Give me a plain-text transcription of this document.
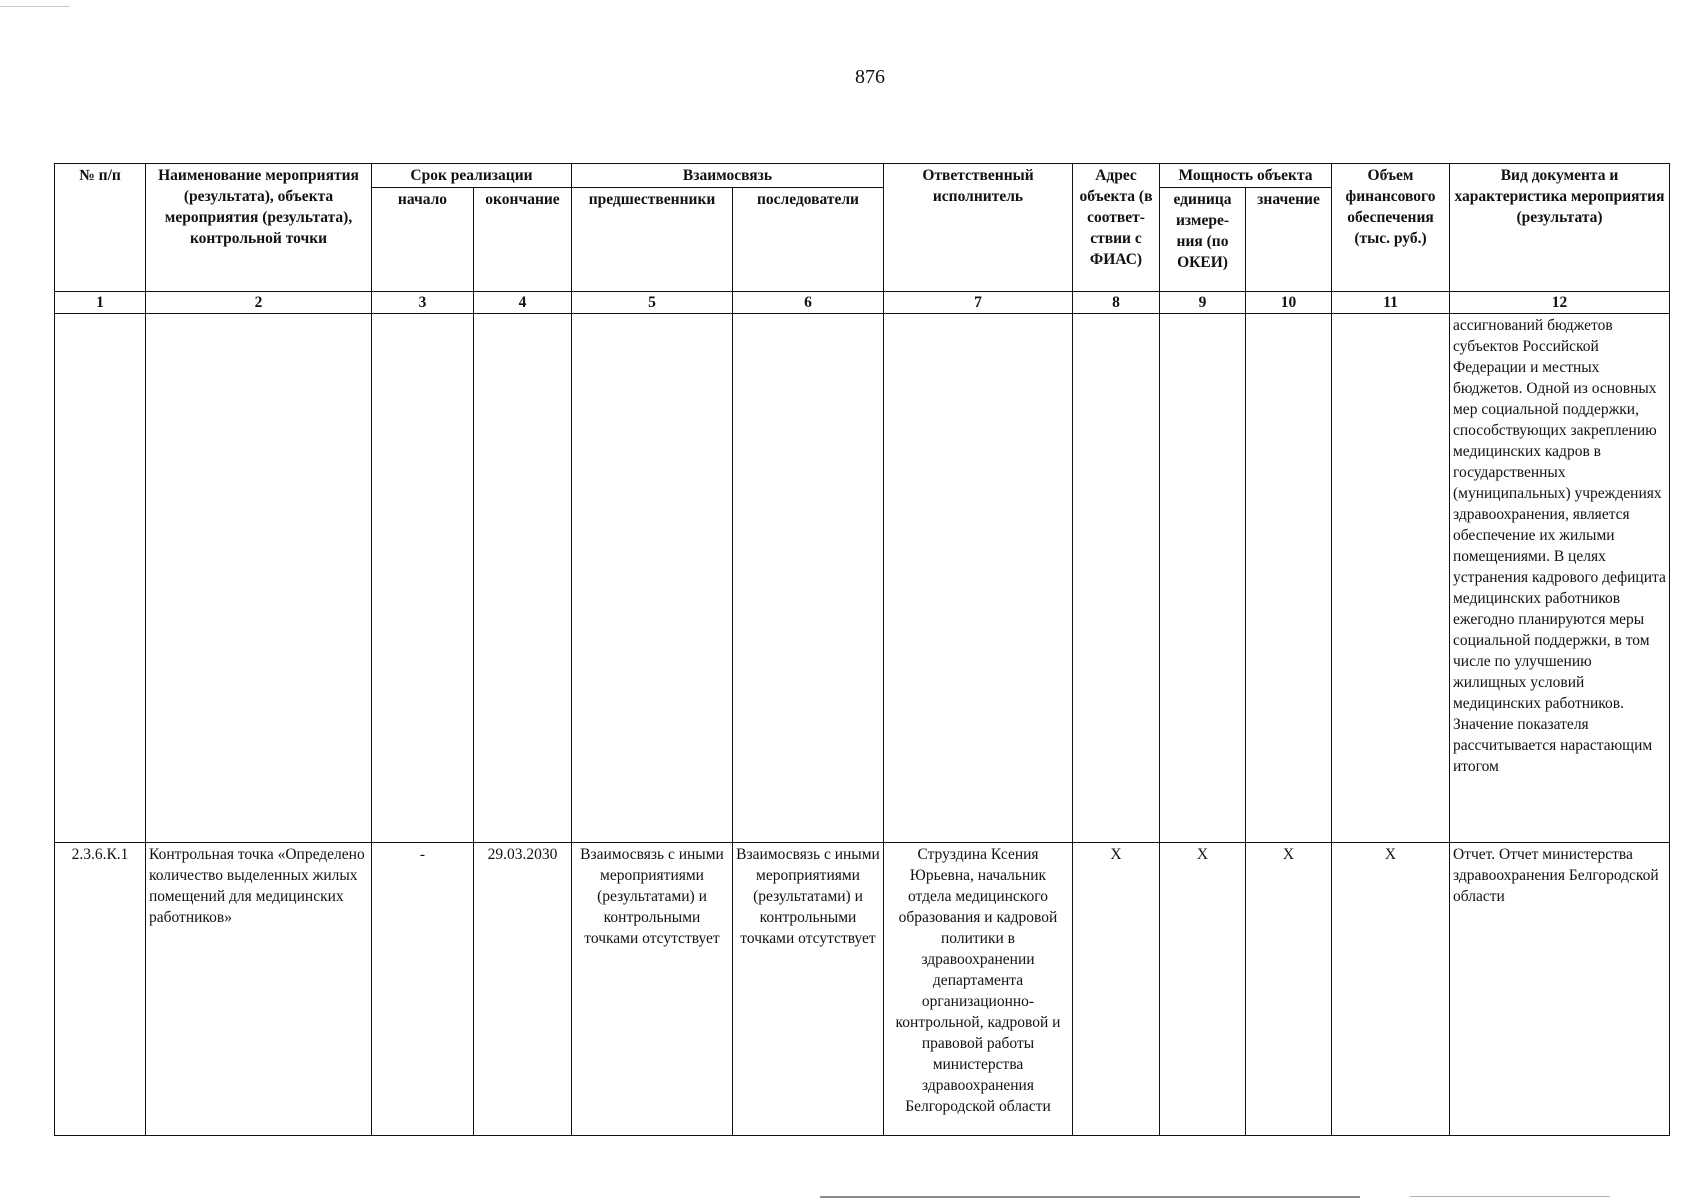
876
№ п/п	Наименование мероприятия (результата), объекта мероприятия (результата), контрольной точки	Срок реализации		Взаимосвязь		Ответственный исполнитель	Адрес объекта (в соответ-ствии с ФИАС)	Мощность объекта		Объем финансового обеспечения (тыс. руб.)	Вид документа и характеристика мероприятия (результата)
		начало	окончание	предшественники	последователи			единица измере-ния (по ОКЕИ)	значение		
1	2	3	4	5	6	7	8	9	10	11	12
											ассигнований бюджетов субъектов Российской Федерации и местных бюджетов. Одной из основных мер социальной поддержки, способствующих закреплению медицинских кадров в государственных (муниципальных) учреждениях здравоохранения, является обеспечение их жилыми помещениями. В целях устранения кадрового дефицита медицинских работников ежегодно планируются меры социальной поддержки, в том числе по улучшению жилищных условий медицинских работников. Значение показателя рассчитывается нарастающим итогом
2.3.6.К.1	Контрольная точка «Определено количество выделенных жилых помещений для медицинских работников»	-	29.03.2030	Взаимосвязь с иными мероприятиями (результатами) и контрольными точками отсутствует	Взаимосвязь с иными мероприятиями (результатами) и контрольными точками отсутствует	Струздина Ксения Юрьевна, начальник отдела медицинского образования и кадровой политики в здравоохранении департамента организационно-контрольной, кадровой и правовой работы министерства здравоохранения Белгородской области	X	X	X	X	Отчет. Отчет министерства здравоохранения Белгородской области
